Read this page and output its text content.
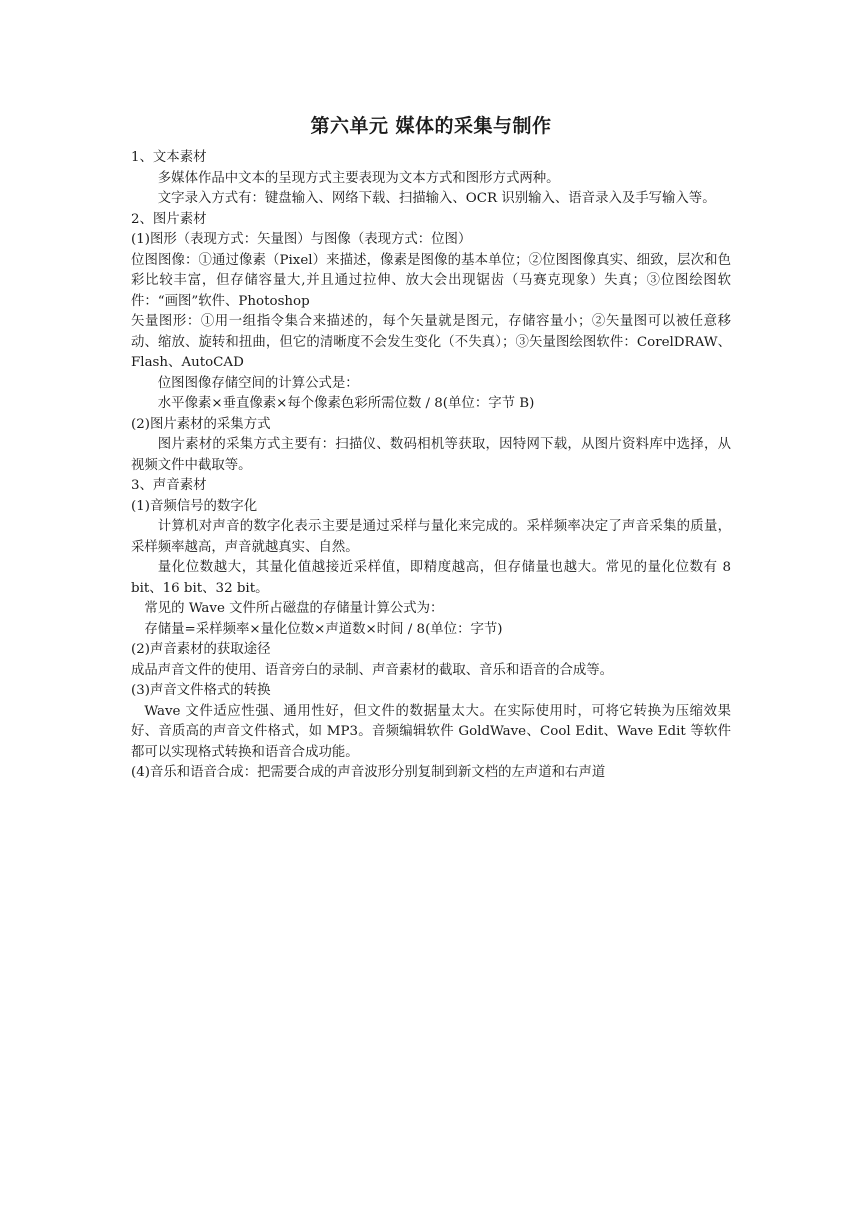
第六单元 媒体的采集与制作

1、文本素材

多媒体作品中文本的呈现方式主要表现为文本方式和图形方式两种。

文字录入方式有：键盘输入、网络下载、扫描输入、OCR 识别输入、语音录入及手写输入等。

2、图片素材

(1)图形（表现方式：矢量图）与图像（表现方式：位图）

位图图像：①通过像素（Pixel）来描述，像素是图像的基本单位；②位图图像真实、细致，层次和色彩比较丰富，但存储容量大,并且通过拉伸、放大会出现锯齿（马赛克现象）失真；③位图绘图软件：“画图”软件、Photoshop

矢量图形：①用一组指令集合来描述的，每个矢量就是图元，存储容量小；②矢量图可以被任意移动、缩放、旋转和扭曲，但它的清晰度不会发生变化（不失真）；③矢量图绘图软件：CorelDRAW、Flash、AutoCAD

位图图像存储空间的计算公式是：

水平像素×垂直像素×每个像素色彩所需位数 / 8(单位：字节 B)

(2)图片素材的采集方式

图片素材的采集方式主要有：扫描仪、数码相机等获取，因特网下载，从图片资料库中选择，从视频文件中截取等。

3、声音素材

(1)音频信号的数字化

计算机对声音的数字化表示主要是通过采样与量化来完成的。采样频率决定了声音采集的质量，采样频率越高，声音就越真实、自然。

量化位数越大，其量化值越接近采样值，即精度越高，但存储量也越大。常见的量化位数有 8 bit、16 bit、32 bit。

常见的 Wave 文件所占磁盘的存储量计算公式为：

存储量=采样频率×量化位数×声道数×时间 / 8(单位：字节)

(2)声音素材的获取途径

成品声音文件的使用、语音旁白的录制、声音素材的截取、音乐和语音的合成等。

(3)声音文件格式的转换

Wave 文件适应性强、通用性好，但文件的数据量太大。在实际使用时，可将它转换为压缩效果好、音质高的声音文件格式，如 MP3。音频编辑软件 GoldWave、Cool Edit、Wave Edit 等软件都可以实现格式转换和语音合成功能。

(4)音乐和语音合成：把需要合成的声音波形分别复制到新文档的左声道和右声道
